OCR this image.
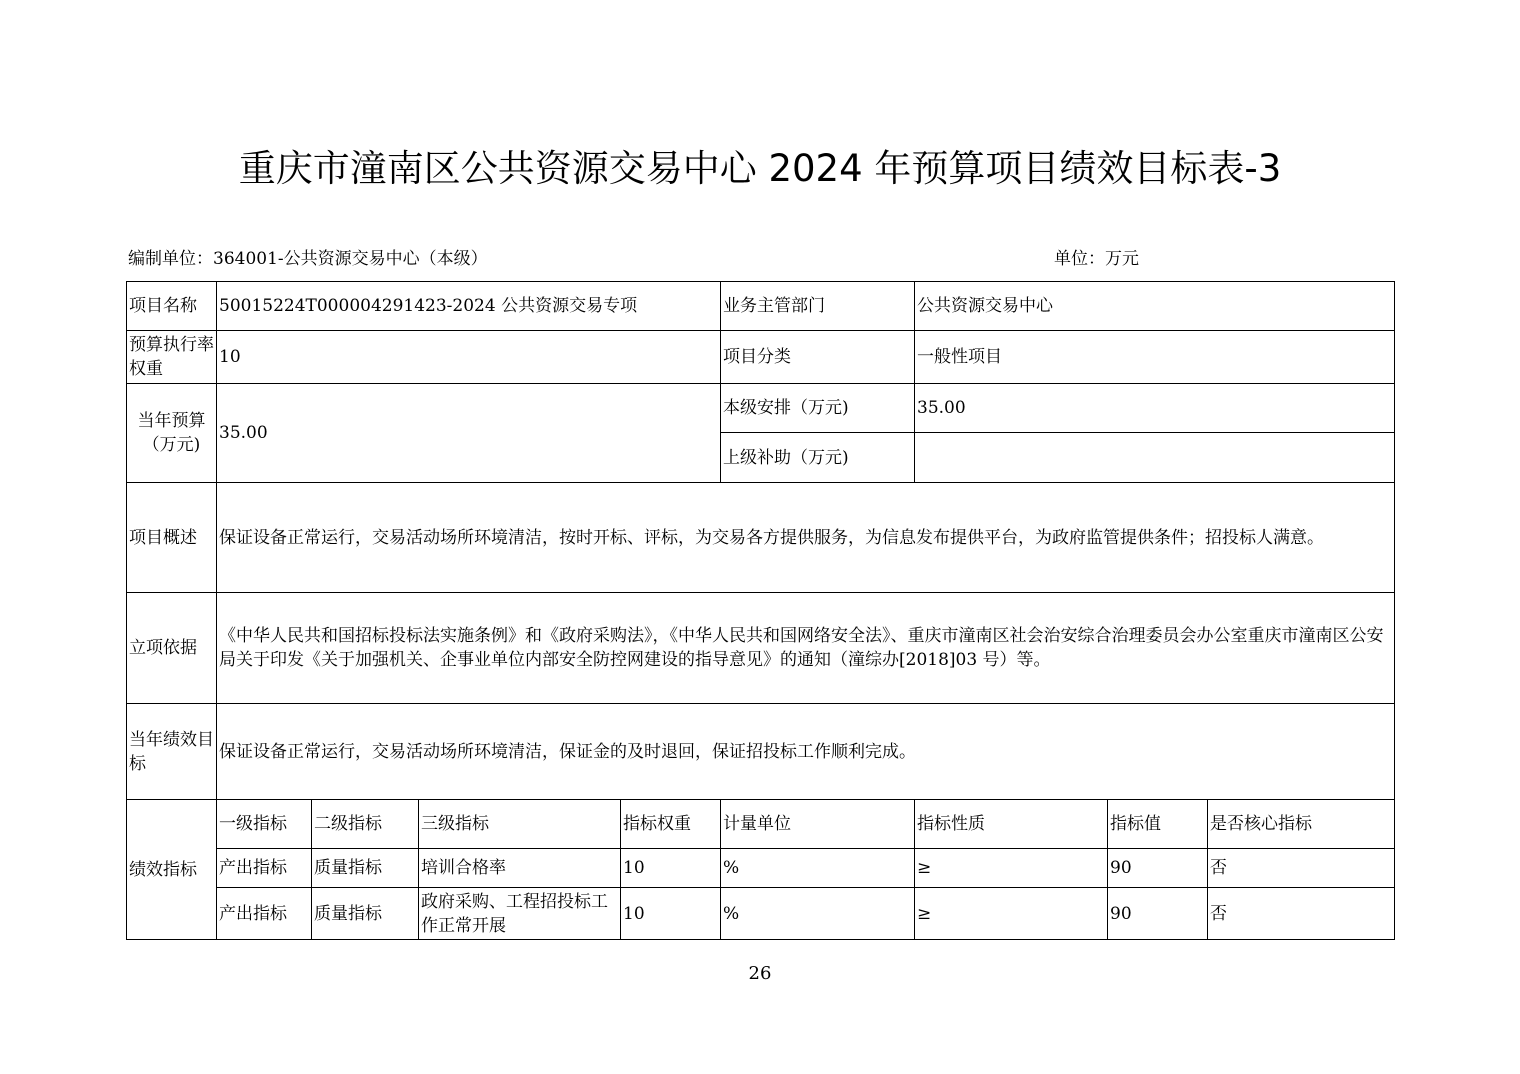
重庆市潼南区公共资源交易中心 2024 年预算项目绩效目标表-3
编制单位：364001-公共资源交易中心（本级）	单位：万元
项目名称	50015224T000004291423-2024 公共资源交易专项				业务主管部门	公共资源交易中心		
预算执行率权重	10				项目分类	一般性项目		
当年预算（万元)	35.00				本级安排（万元)	35.00		
					上级补助（万元)			
项目概述	保证设备正常运行，交易活动场所环境清洁，按时开标、评标，为交易各方提供服务，为信息发布提供平台，为政府监管提供条件；招投标人满意。							
立项依据	《中华人民共和国招标投标法实施条例》和《政府采购法》，《中华人民共和国网络安全法》、重庆市潼南区社会治安综合治理委员会办公室重庆市潼南区公安局关于印发《关于加强机关、企事业单位内部安全防控网建设的指导意见》的通知（潼综办[2018]03 号）等。							
当年绩效目标	保证设备正常运行，交易活动场所环境清洁，保证金的及时退回，保证招投标工作顺利完成。							
绩效指标	一级指标	二级指标	三级指标	指标权重	计量单位	指标性质	指标值	是否核心指标
	产出指标	质量指标	培训合格率	10	%	≥	90	否
	产出指标	质量指标	政府采购、工程招投标工作正常开展	10	%	≥	90	否
26
